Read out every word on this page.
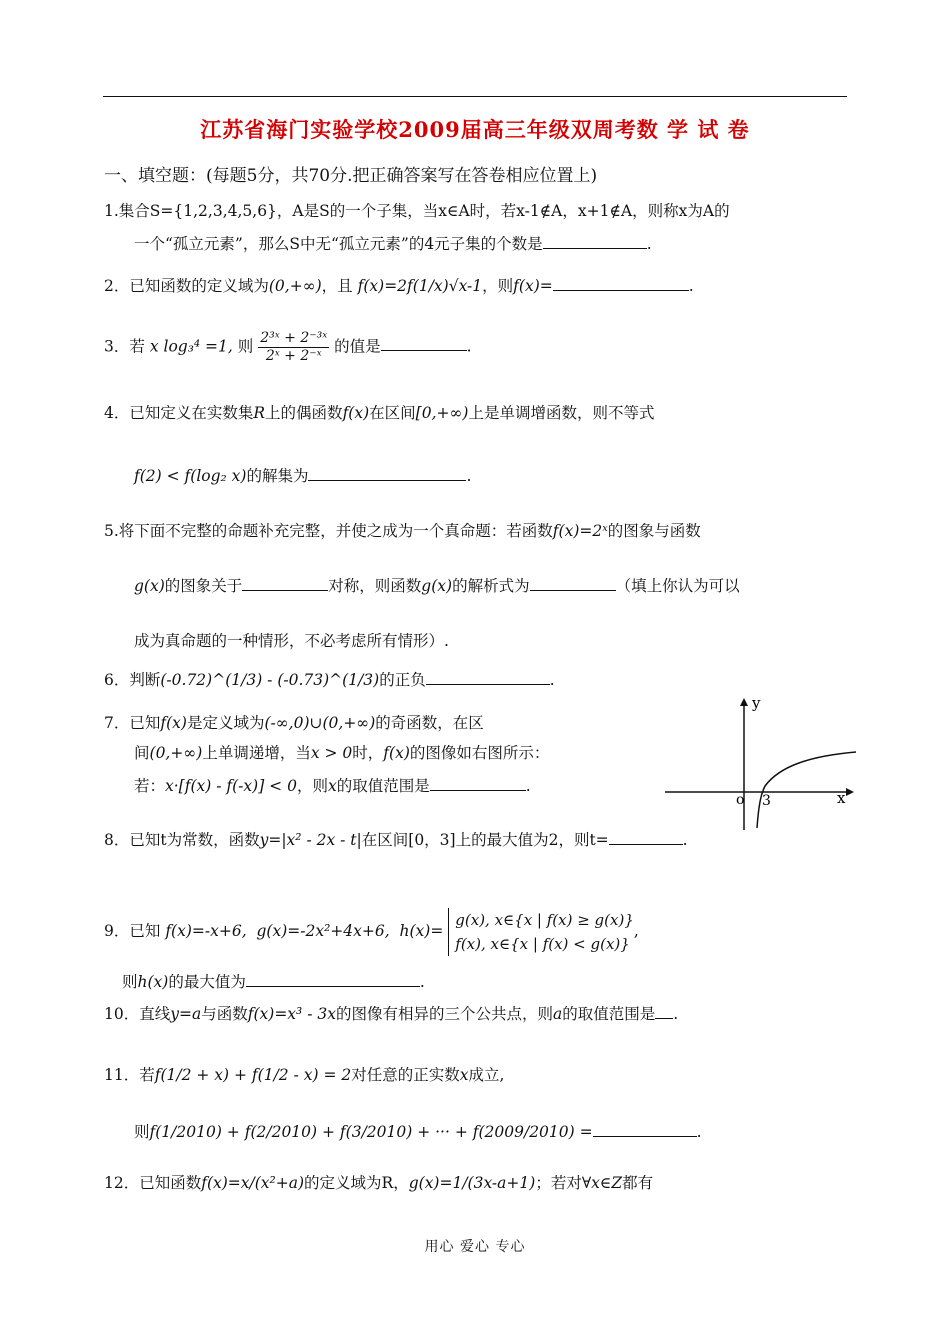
江苏省海门实验学校2009届高三年级双周考数 学 试 卷
一、填空题：(每题5分，共70分.把正确答案写在答卷相应位置上)
1.集合S={1,2,3,4,5,6}，A是S的一个子集，当x∈A时，若x-1∉A，x+1∉A，则称x为A的
一个“孤立元素”，那么S中无“孤立元素”的4元子集的个数是	.
2．已知函数的定义域为(0,+∞)，且 f(x)=2f(1/x)√x-1，则f(x)=	.
3．若 x log₃⁴ =1, 则 $\frac{\text{2³ˣ + 2⁻³ˣ}}{\text{2ˣ + 2⁻ˣ}}$ 的值是	.
4．已知定义在实数集R上的偶函数f(x)在区间[0,+∞)上是单调增函数，则不等式
f(2) < f(log₂ x)的解集为	.
5.将下面不完整的命题补充完整，并使之成为一个真命题：若函数f(x)=2ˣ的图象与函数
g(x)的图象关于	对称，则函数g(x)的解析式为	（填上你认为可以
成为真命题的一种情形，不必考虑所有情形）.
6．判断(-0.72)^(1/3) - (-0.73)^(1/3)的正负	.
7．已知f(x)是定义域为(-∞,0)∪(0,+∞)的奇函数，在区
间(0,+∞)上单调递增，当x > 0时，f(x)的图像如右图所示：
若：x·[f(x) - f(-x)] < 0，则x的取值范围是	.
y
x
o 3
8．已知t为常数，函数y=|x² - 2x - t|在区间[0，3]上的最大值为2，则t=	.
9．已知 f(x)=-x+6, g(x)=-2x²+4x+6, h(x)=
g(x), x∈{x | f(x) ≥ g(x)}
f(x), x∈{x | f(x) < g(x)}
,
则h(x)的最大值为	.
10．直线y=a与函数f(x)=x³ - 3x的图像有相异的三个公共点，则a的取值范围是 .
11．若f(1/2 + x) + f(1/2 - x) = 2对任意的正实数x成立,
则f(1/2010) + f(2/2010) + f(3/2010) + ··· + f(2009/2010) =	.
12．已知函数f(x)=x/(x²+a)的定义域为R，g(x)=1/(3x-a+1)；若对∀x∈Z都有
用心 爱心 专心
